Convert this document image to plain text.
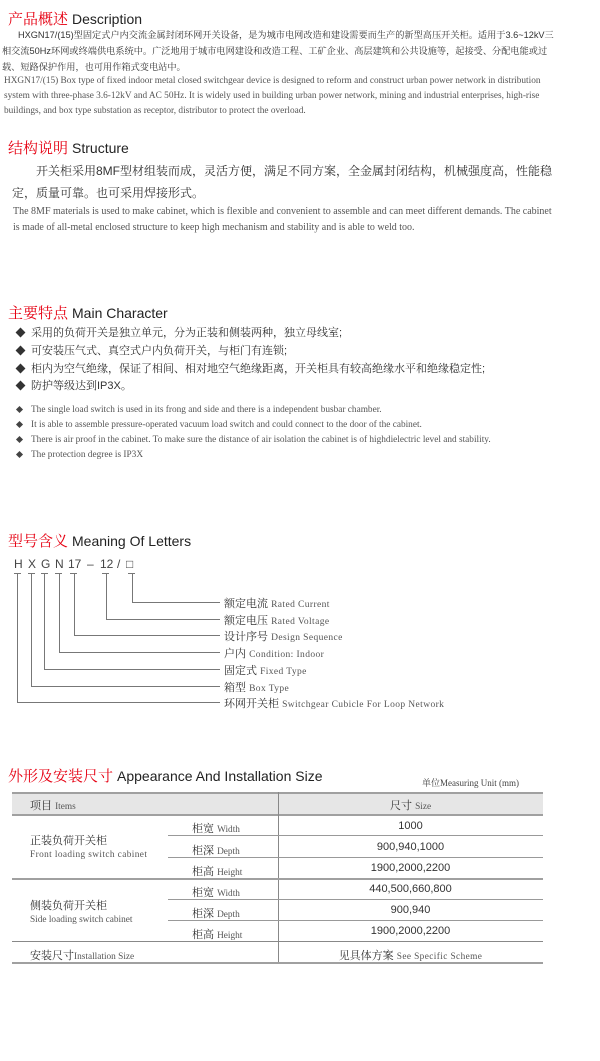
产品概述 Description
HXGN17/(15)型固定式户内交流金属封闭环网开关设备，是为城市电网改造和建设需要而生产的新型高压开关柜。适用于3.6~12kV三相交流50Hz环网或终端供电系统中。广泛地用于城市电网建设和改造工程、工矿企业、高层建筑和公共设施等，起接受、分配电能或过载、短路保护作用，也可用作箱式变电站中。
HXGN17/(15) Box type of fixed indoor metal closed switchgear device is designed to reform and construct urban power network in distribution system with three-phase 3.6-12kV and AC 50Hz. It is widely used in building urban power network, mining and industrial enterprises, high-rise buildings, and box type substation as receptor, distributor to protect the overload.
结构说明 Structure
开关柜采用8MF型材组装而成，灵活方便，满足不同方案，全金属封闭结构，机械强度高，性能稳定，质量可靠。也可采用焊接形式。
The 8MF materials is used to make cabinet, which is flexible and convenient to assemble and can meet different demands. The cabinet is made of all-metal enclosed structure to keep high mechanism and stability and is able to weld too.
主要特点 Main Character
采用的负荷开关是独立单元，分为正装和侧装两种，独立母线室;
可安装压气式、真空式户内负荷开关，与柜门有连锁;
柜内为空气绝缘，保证了相间、相对地空气绝缘距离，开关柜具有较高绝缘水平和绝缘稳定性;
防护等级达到IP3X。
The single load switch is used in its frong and side and there is a independent busbar chamber.
It is able to assemble pressure-operated vacuum load switch and could connect to the door of the cabinet.
There is air proof in the cabinet. To make sure the distance of air isolation the cabinet is of highdielectric level and stability.
The protection degree is IP3X
型号含义 Meaning Of Letters
H X G N 17 – 12 / □
额定电流 Rated Current
额定电压 Rated Voltage
设计序号 Design Sequence
户内 Condition: Indoor
固定式 Fixed Type
箱型 Box Type
环网开关柜 Switchgear Cubicle For Loop Network
外形及安装尺寸 Appearance And Installation Size	单位Measuring Unit (mm)
项目 Items	尺寸 Size
正装负荷开关柜
Front loading switch cabinet
柜宽 Width	1000
柜深 Depth	900,940,1000
柜高 Height	1900,2000,2200
侧装负荷开关柜
Side loading switch cabinet
柜宽 Width	440,500,660,800
柜深 Depth	900,940
柜高 Height	1900,2000,2200
安装尺寸Installation Size	见具体方案 See Specific Scheme
